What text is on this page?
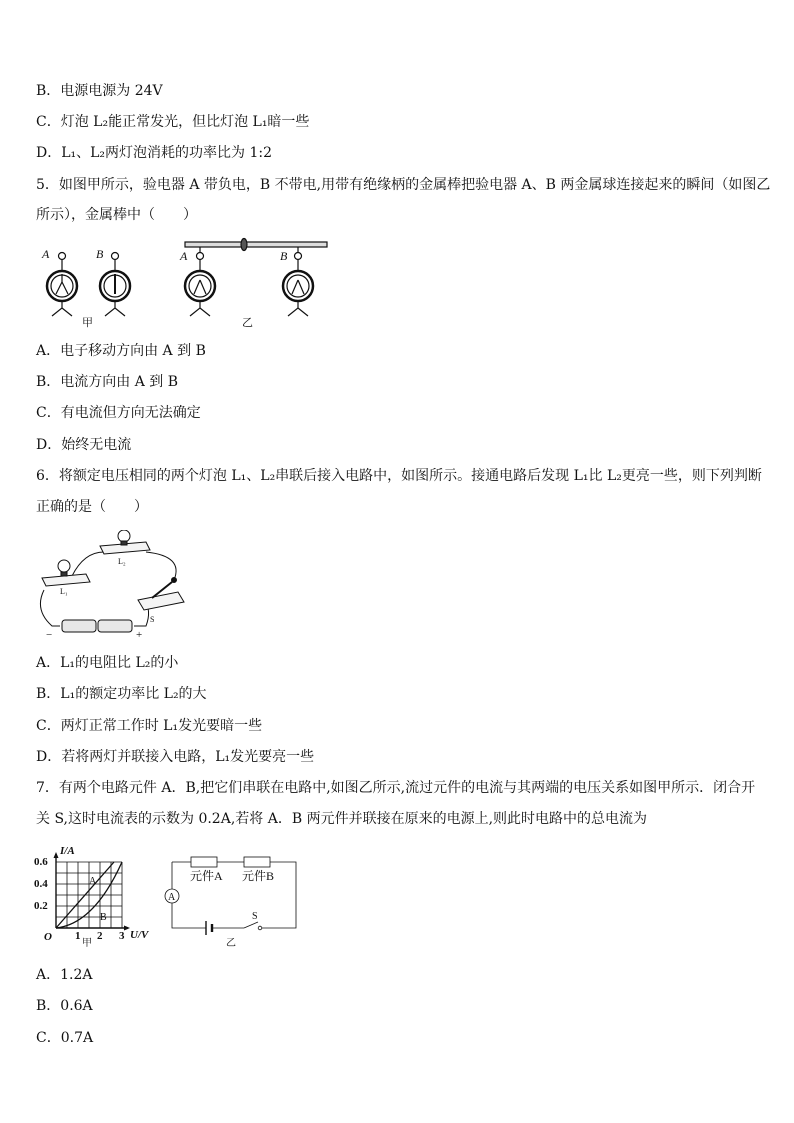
B．电源电源为 24V
C．灯泡 L₂能正常发光，但比灯泡 L₁暗一些
D．L₁、L₂两灯泡消耗的功率比为 1:2
5．如图甲所示，验电器 A 带负电，B 不带电,用带有绝缘柄的金属棒把验电器 A、B 两金属球连接起来的瞬间（如图乙
所示），金属棒中（　　）
A	B	A	B
甲	乙
A．电子移动方向由 A 到 B
B．电流方向由 A 到 B
C．有电流但方向无法确定
D．始终无电流
6．将额定电压相同的两个灯泡 L₁、L₂串联后接入电路中，如图所示。接通电路后发现 L₁比 L₂更亮一些，则下列判断
正确的是（　　）
L₁
L₂
S
−	+
A．L₁的电阻比 L₂的小
B．L₁的额定功率比 L₂的大
C．两灯正常工作时 L₁发光要暗一些
D．若将两灯并联接入电路，L₁发光要亮一些
7．有两个电路元件 A．B,把它们串联在电路中,如图乙所示,流过元件的电流与其两端的电压关系如图甲所示．闭合开
关 S,这时电流表的示数为 0.2A,若将 A．B 两元件并联接在原来的电源上,则此时电路中的总电流为
I/A
0.6
0.4
0.2
O 1 2 3 U/V
A
B
甲
元件A 元件B
A
S
乙
A．1.2A
B．0.6A
C．0.7A
